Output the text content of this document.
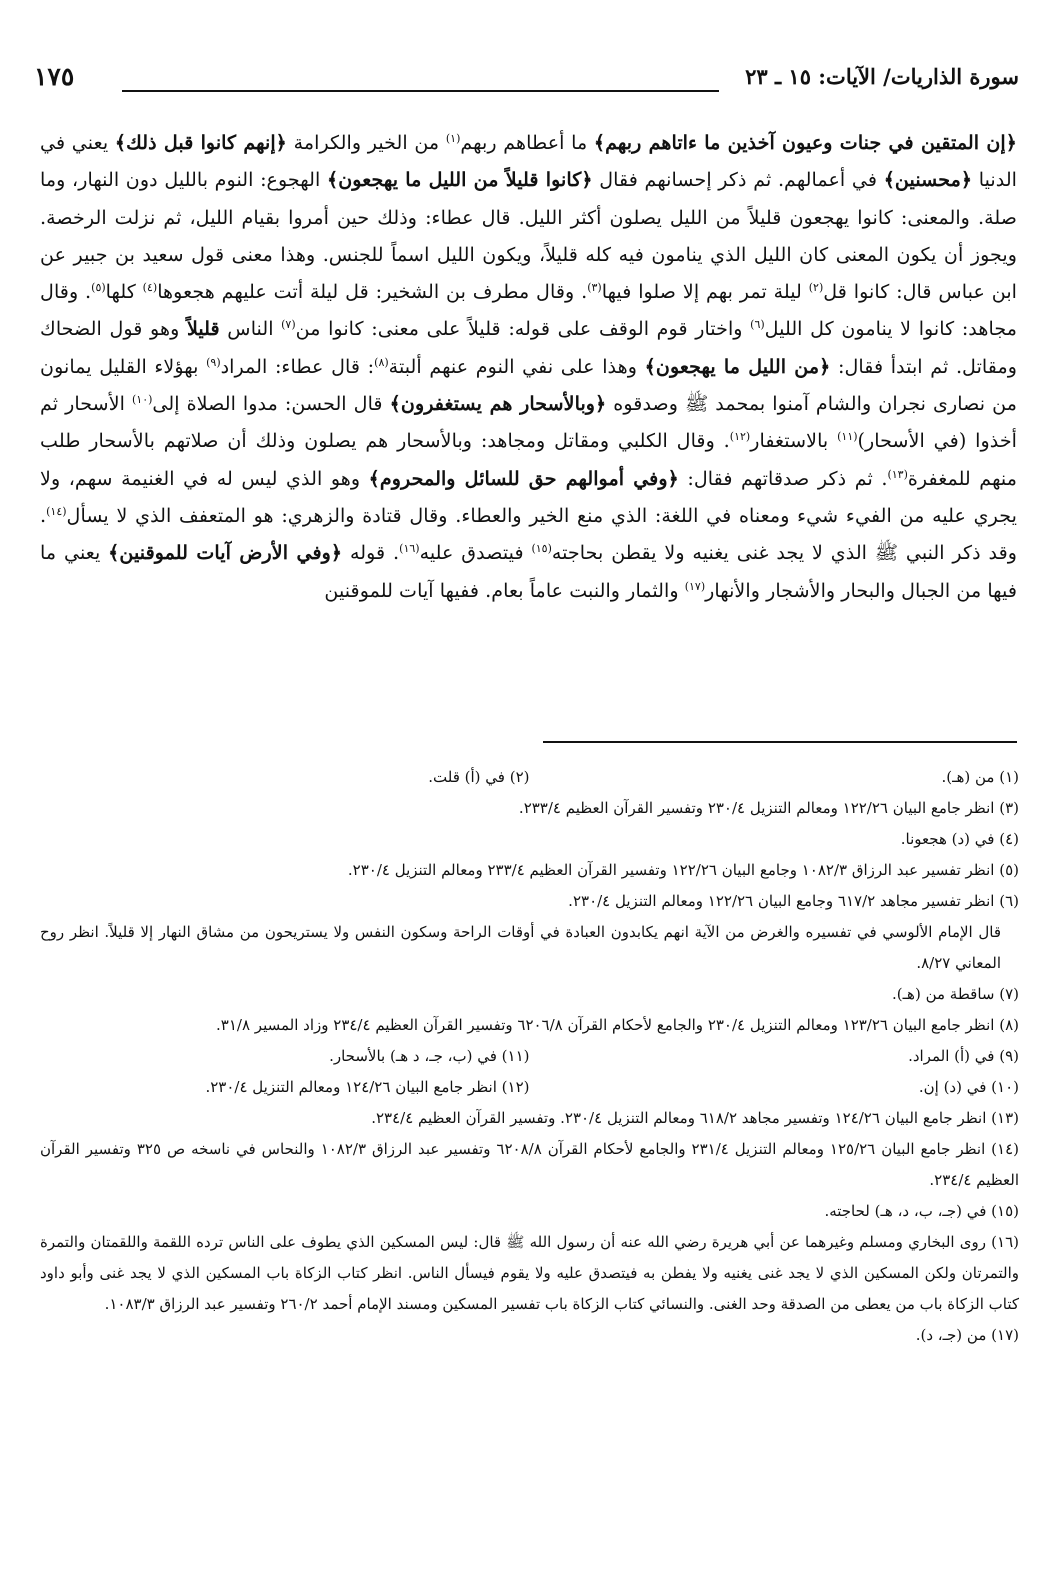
١٧٥	سورة الذاريات/ الآيات: ١٥ ـ ٢٣
﴿إن المتقين في جنات وعيون آخذين ما ءاتاهم ربهم﴾ ما أعطاهم ربهم$^{(١)}$ من الخير والكرامة ﴿إنهم كانوا قبل ذلك﴾ يعني في الدنيا ﴿محسنين﴾ في أعمالهم. ثم ذكر إحسانهم فقال ﴿كانوا قليلاً من الليل ما يهجعون﴾ الهجوع: النوم بالليل دون النهار، وما صلة. والمعنى: كانوا يهجعون قليلاً من الليل يصلون أكثر الليل. قال عطاء: وذلك حين أمروا بقيام الليل، ثم نزلت الرخصة. ويجوز أن يكون المعنى كان الليل الذي ينامون فيه كله قليلاً، ويكون الليل اسماً للجنس. وهذا معنى قول سعيد بن جبير عن ابن عباس قال: كانوا قل$^{(٢)}$ ليلة تمر بهم إلا صلوا فيها$^{(٣)}$. وقال مطرف بن الشخير: قل ليلة أتت عليهم هجعوها$^{(٤)}$ كلها$^{(٥)}$. وقال مجاهد: كانوا لا ينامون كل الليل$^{(٦)}$ واختار قوم الوقف على قوله: قليلاً على معنى: كانوا من$^{(٧)}$ الناس قليلاً وهو قول الضحاك ومقاتل. ثم ابتدأ فقال: ﴿من الليل ما يهجعون﴾ وهذا على نفي النوم عنهم ألبتة$^{(٨)}$: قال عطاء: المراد$^{(٩)}$ بهؤلاء القليل يمانون من نصارى نجران والشام آمنوا بمحمد ﷺ وصدقوه ﴿وبالأسحار هم يستغفرون﴾ قال الحسن: مدوا الصلاة إلى$^{(١٠)}$ الأسحار ثم أخذوا (في الأسحار)$^{(١١)}$ بالاستغفار$^{(١٢)}$. وقال الكلبي ومقاتل ومجاهد: وبالأسحار هم يصلون وذلك أن صلاتهم بالأسحار طلب منهم للمغفرة$^{(١٣)}$. ثم ذكر صدقاتهم فقال: ﴿وفي أموالهم حق للسائل والمحروم﴾ وهو الذي ليس له في الغنيمة سهم، ولا يجري عليه من الفيء شيء ومعناه في اللغة: الذي منع الخير والعطاء. وقال قتادة والزهري: هو المتعفف الذي لا يسأل$^{(١٤)}$. وقد ذكر النبي ﷺ الذي لا يجد غنى يغنيه ولا يقطن بحاجته$^{(١٥)}$ فيتصدق عليه$^{(١٦)}$. قوله ﴿وفي الأرض آيات للموقنين﴾ يعني ما فيها من الجبال والبحار والأشجار والأنهار$^{(١٧)}$ والثمار والنبت عاماً بعام. ففيها آيات للموقنين
(١) من (هـ).
(٢) في (أ) قلت.
(٣) انظر جامع البيان ١٢٢/٢٦ ومعالم التنزيل ٢٣٠/٤ وتفسير القرآن العظيم ٢٣٣/٤.
(٤) في (د) هجعونا.
(٥) انظر تفسير عبد الرزاق ١٠٨٢/٣ وجامع البيان ١٢٢/٢٦ وتفسير القرآن العظيم ٢٣٣/٤ ومعالم التنزيل ٢٣٠/٤.
(٦) انظر تفسير مجاهد ٦١٧/٢ وجامع البيان ١٢٢/٢٦ ومعالم التنزيل ٢٣٠/٤.
قال الإمام الألوسي في تفسيره والغرض من الآية انهم يكابدون العبادة في أوقات الراحة وسكون النفس ولا يستريحون من مشاق النهار إلا قليلاً. انظر روح المعاني ٨/٢٧.
(٧) ساقطة من (هـ).
(٨) انظر جامع البيان ١٢٣/٢٦ ومعالم التنزيل ٢٣٠/٤ والجامع لأحكام القرآن ٦٢٠٦/٨ وتفسير القرآن العظيم ٢٣٤/٤ وزاد المسير ٣١/٨.
(٩) في (أ) المراد.
(١١) في (ب، جـ، د هـ) بالأسحار.
(١٠) في (د) إن.
(١٢) انظر جامع البيان ١٢٤/٢٦ ومعالم التنزيل ٢٣٠/٤.
(١٣) انظر جامع البيان ١٢٤/٢٦ وتفسير مجاهد ٦١٨/٢ ومعالم التنزيل ٢٣٠/٤. وتفسير القرآن العظيم ٢٣٤/٤.
(١٤) انظر جامع البيان ١٢٥/٢٦ ومعالم التنزيل ٢٣١/٤ والجامع لأحكام القرآن ٦٢٠٨/٨ وتفسير عبد الرزاق ١٠٨٢/٣ والنحاس في ناسخه ص ٣٢٥ وتفسير القرآن العظيم ٢٣٤/٤.
(١٥) في (جـ، ب، د، هـ) لحاجته.
(١٦) روى البخاري ومسلم وغيرهما عن أبي هريرة رضي الله عنه أن رسول الله ﷺ قال: ليس المسكين الذي يطوف على الناس ترده اللقمة واللقمتان والتمرة والتمرتان ولكن المسكين الذي لا يجد غنى يغنيه ولا يفطن به فيتصدق عليه ولا يقوم فيسأل الناس. انظر كتاب الزكاة باب المسكين الذي لا يجد غنى وأبو داود كتاب الزكاة باب من يعطى من الصدقة وحد الغنى. والنسائي كتاب الزكاة باب تفسير المسكين ومسند الإمام أحمد ٢٦٠/٢ وتفسير عبد الرزاق ١٠٨٣/٣.
(١٧) من (جـ، د).
